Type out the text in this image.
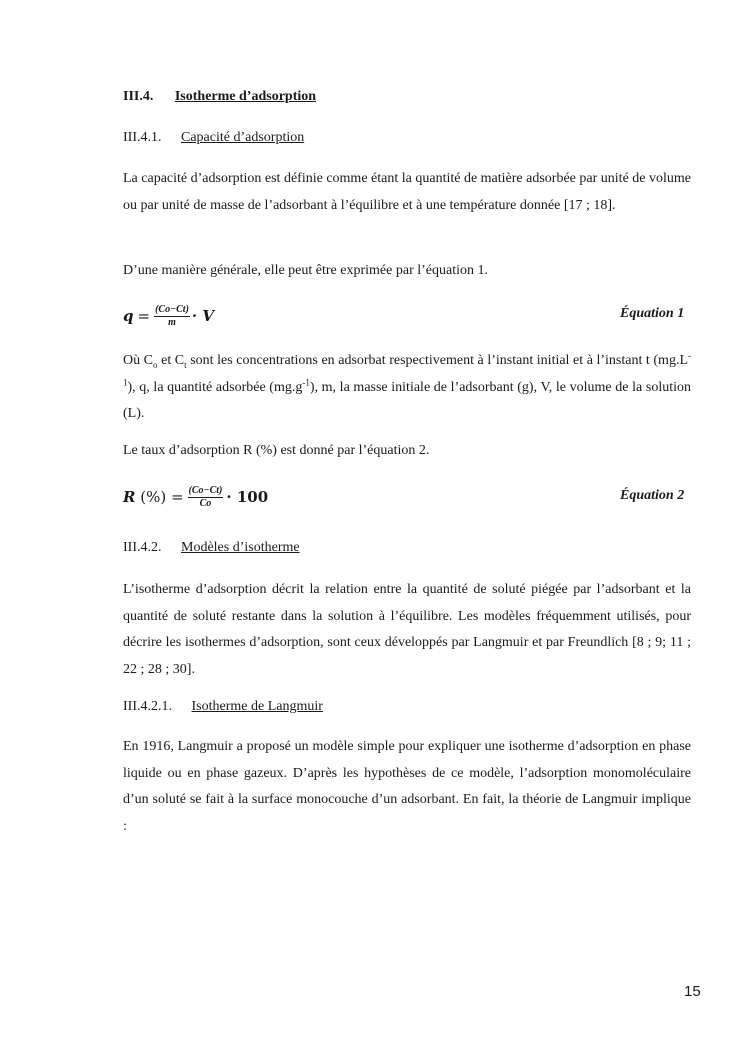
III.4. Isotherme d’adsorption
III.4.1. Capacité d’adsorption
La capacité d’adsorption est définie comme étant la quantité de matière adsorbée par unité de volume ou par unité de masse de l’adsorbant à l’équilibre et à une température donnée [17 ; 18].
D’une manière générale, elle peut être exprimée par l’équation 1.
$q = \frac{(Co-Ct)}{m} \cdot V$	Équation 1
Où $C_o$ et $C_t$ sont les concentrations en adsorbat respectivement à l’instant initial et à l’instant t $(mg.L^{-1})$, q, la quantité adsorbée $(mg.g^{-1})$, m, la masse initiale de l’adsorbant (g), V, le volume de la solution (L).
Le taux d’adsorption R (%) est donné par l’équation 2.
R (%) = $\frac{(Co-Ct)}{Co} \cdot 100$	Équation 2
III.4.2. Modèles d’isotherme
L’isotherme d’adsorption décrit la relation entre la quantité de soluté piégée par l’adsorbant et la quantité de soluté restante dans la solution à l’équilibre. Les modèles fréquemment utilisés, pour décrire les isothermes d’adsorption, sont ceux développés par Langmuir et par Freundlich [8 ; 9; 11 ; 22 ; 28 ; 30].
III.4.2.1. Isotherme de Langmuir
En 1916, Langmuir a proposé un modèle simple pour expliquer une isotherme d’adsorption en phase liquide ou en phase gazeux. D’après les hypothèses de ce modèle, l’adsorption monomoléculaire d’un soluté se fait à la surface monocouche d’un adsorbant. En fait, la théorie de Langmuir implique :
15
